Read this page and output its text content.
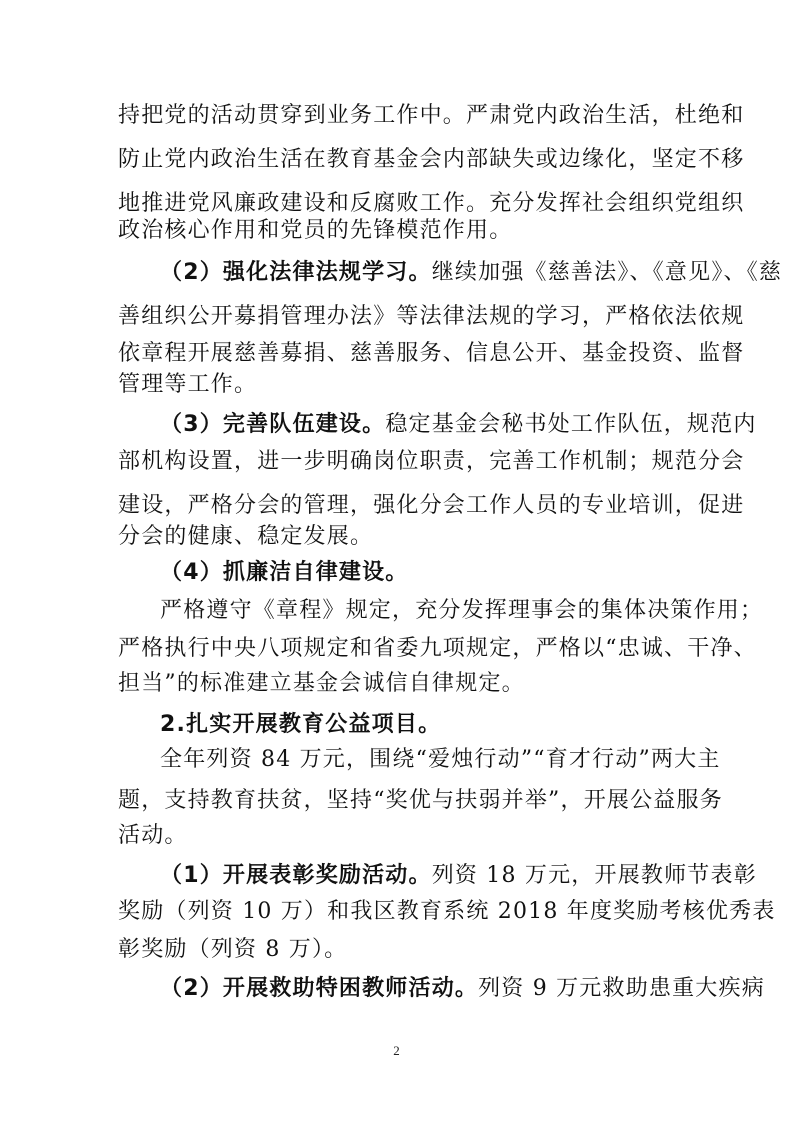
持把党的活动贯穿到业务工作中。严肃党内政治生活，杜绝和
防止党内政治生活在教育基金会内部缺失或边缘化，坚定不移
地推进党风廉政建设和反腐败工作。充分发挥社会组织党组织
政治核心作用和党员的先锋模范作用。
（2）强化法律法规学习。继续加强《慈善法》、《意见》、《慈
善组织公开募捐管理办法》等法律法规的学习，严格依法依规
依章程开展慈善募捐、慈善服务、信息公开、基金投资、监督
管理等工作。
（3）完善队伍建设。稳定基金会秘书处工作队伍，规范内
部机构设置，进一步明确岗位职责，完善工作机制；规范分会
建设，严格分会的管理，强化分会工作人员的专业培训，促进
分会的健康、稳定发展。
（4）抓廉洁自律建设。
严格遵守《章程》规定，充分发挥理事会的集体决策作用；
严格执行中央八项规定和省委九项规定，严格以“忠诚、干净、
担当”的标准建立基金会诚信自律规定。
2.扎实开展教育公益项目。
全年列资 84 万元，围绕“爱烛行动”“育才行动”两大主
题，支持教育扶贫，坚持“奖优与扶弱并举”，开展公益服务
活动。
（1）开展表彰奖励活动。列资 18 万元，开展教师节表彰
奖励（列资 10 万）和我区教育系统 2018 年度奖励考核优秀表
彰奖励（列资 8 万）。
（2）开展救助特困教师活动。列资 9 万元救助患重大疾病
2
